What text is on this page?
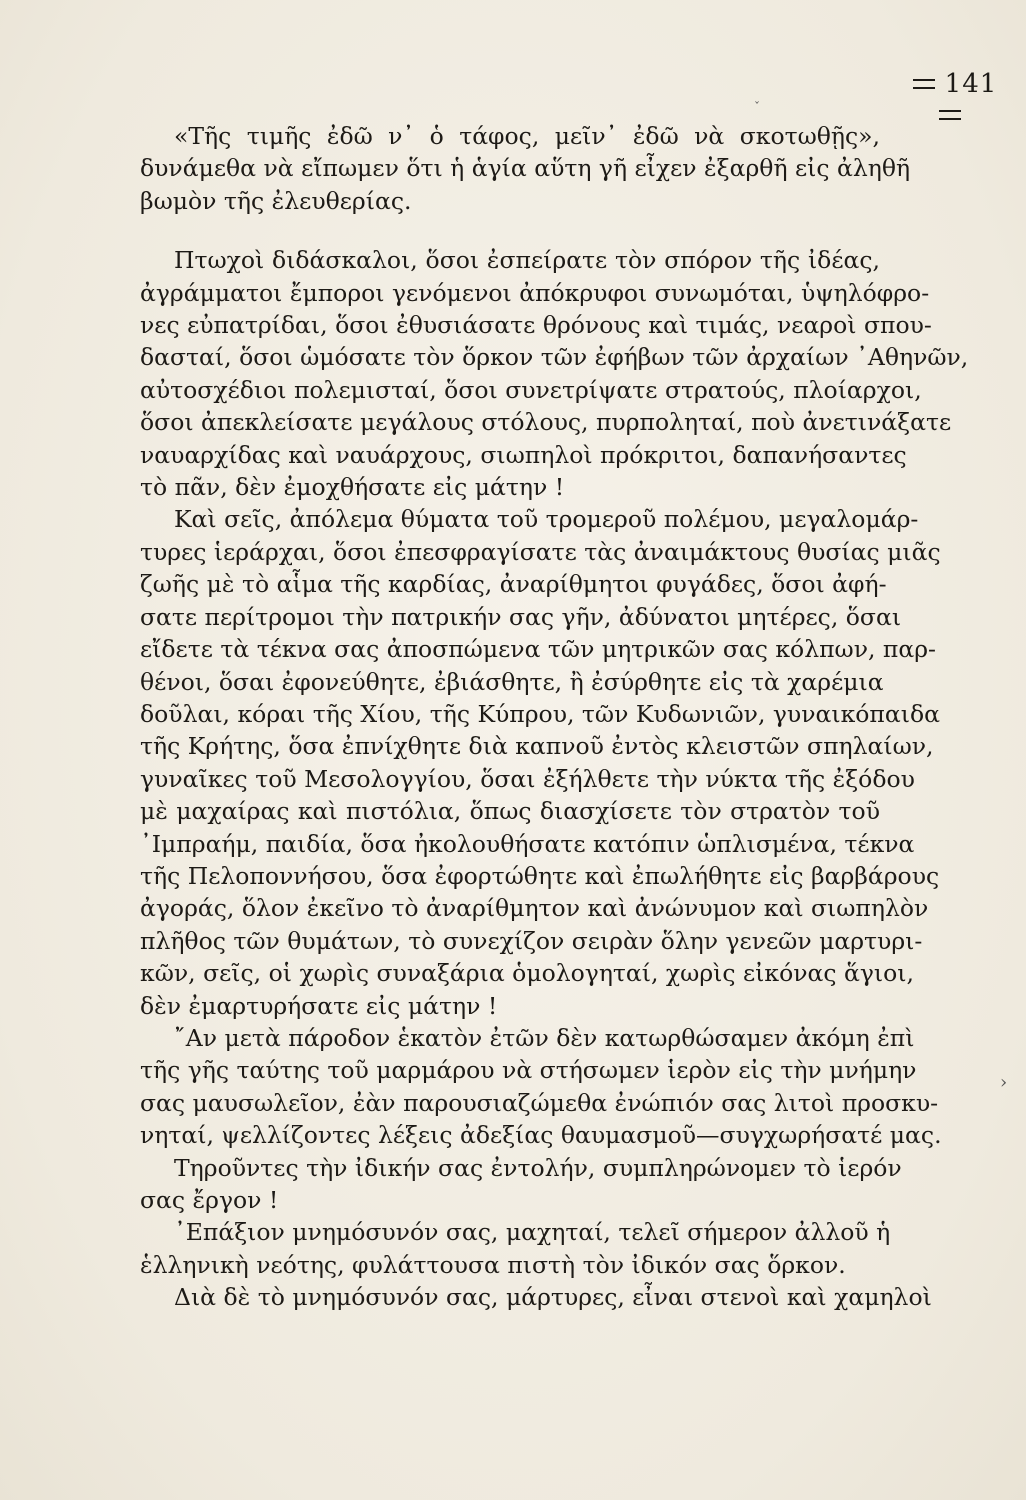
141
«Τῆς τιμῆς ἐδῶ ν᾽ ὁ τάφος, μεῖν᾽ ἐδῶ νὰ σκοτωθῇς»,
δυνάμεθα νὰ εἴπωμεν ὅτι ἡ ἁγία αὕτη γῆ εἶχεν ἐξαρθῆ εἰς ἀληθῆ
βωμὸν τῆς ἐλευθερίας.
Πτωχοὶ διδάσκαλοι, ὅσοι ἐσπείρατε τὸν σπόρον τῆς ἰδέας,
ἀγράμματοι ἔμποροι γενόμενοι ἀπόκρυφοι συνωμόται, ὑψηλόφρο-
νες εὐπατρίδαι, ὅσοι ἐθυσιάσατε θρόνους καὶ τιμάς, νεαροὶ σπου-
δασταί, ὅσοι ὡμόσατε τὸν ὅρκον τῶν ἐφήβων τῶν ἀρχαίων ᾿Αθηνῶν,
αὐτοσχέδιοι πολεμισταί, ὅσοι συνετρίψατε στρατούς, πλοίαρχοι,
ὅσοι ἀπεκλείσατε μεγάλους στόλους, πυρποληταί, ποὺ ἀνετινάξατε
ναυαρχίδας καὶ ναυάρχους, σιωπηλοὶ πρόκριτοι, δαπανήσαντες
τὸ πᾶν, δὲν ἐμοχθήσατε εἰς μάτην !
Καὶ σεῖς, ἀπόλεμα θύματα τοῦ τρομεροῦ πολέμου, μεγαλομάρ-
τυρες ἱεράρχαι, ὅσοι ἐπεσφραγίσατε τὰς ἀναιμάκτους θυσίας μιᾶς
ζωῆς μὲ τὸ αἷμα τῆς καρδίας, ἀναρίθμητοι φυγάδες, ὅσοι ἀφή-
σατε περίτρομοι τὴν πατρικήν σας γῆν, ἀδύνατοι μητέρες, ὅσαι
εἴδετε τὰ τέκνα σας ἀποσπώμενα τῶν μητρικῶν σας κόλπων, παρ-
θένοι, ὅσαι ἐφονεύθητε, ἐβιάσθητε, ἢ ἐσύρθητε εἰς τὰ χαρέμια
δοῦλαι, κόραι τῆς Χίου, τῆς Κύπρου, τῶν Κυδωνιῶν, γυναικόπαιδα
τῆς Κρήτης, ὅσα ἐπνίχθητε διὰ καπνοῦ ἐντὸς κλειστῶν σπηλαίων,
γυναῖκες τοῦ Μεσολογγίου, ὅσαι ἐξήλθετε τὴν νύκτα τῆς ἐξόδου
μὲ μαχαίρας καὶ πιστόλια, ὅπως διασχίσετε τὸν στρατὸν τοῦ
᾿Ιμπραήμ, παιδία, ὅσα ἠκολουθήσατε κατόπιν ὡπλισμένα, τέκνα
τῆς Πελοποννήσου, ὅσα ἐφορτώθητε καὶ ἐπωλήθητε εἰς βαρβάρους
ἀγοράς, ὅλον ἐκεῖνο τὸ ἀναρίθμητον καὶ ἀνώνυμον καὶ σιωπηλὸν
πλῆθος τῶν θυμάτων, τὸ συνεχίζον σειρὰν ὅλην γενεῶν μαρτυρι-
κῶν, σεῖς, οἱ χωρὶς συναξάρια ὁμολογηταί, χωρὶς εἰκόνας ἅγιοι,
δὲν ἐμαρτυρήσατε εἰς μάτην !
῎Αν μετὰ πάροδον ἑκατὸν ἐτῶν δὲν κατωρθώσαμεν ἀκόμη ἐπὶ
τῆς γῆς ταύτης τοῦ μαρμάρου νὰ στήσωμεν ἱερὸν εἰς τὴν μνήμην
σας μαυσωλεῖον, ἐὰν παρουσιαζώμεθα ἐνώπιόν σας λιτοὶ προσκυ-
νηταί, ψελλίζοντες λέξεις ἀδεξίας θαυμασμοῦ—συγχωρήσατέ μας.
Τηροῦντες τὴν ἰδικήν σας ἐντολήν, συμπληρώνομεν τὸ ἱερόν
σας ἔργον !
᾿Επάξιον μνημόσυνόν σας, μαχηταί, τελεῖ σήμερον ἀλλοῦ ἡ
ἑλληνικὴ νεότης, φυλάττουσα πιστὴ τὸν ἰδικόν σας ὅρκον.
Διὰ δὲ τὸ μνημόσυνόν σας, μάρτυρες, εἶναι στενοὶ καὶ χαμηλοὶ
ˇ
›
